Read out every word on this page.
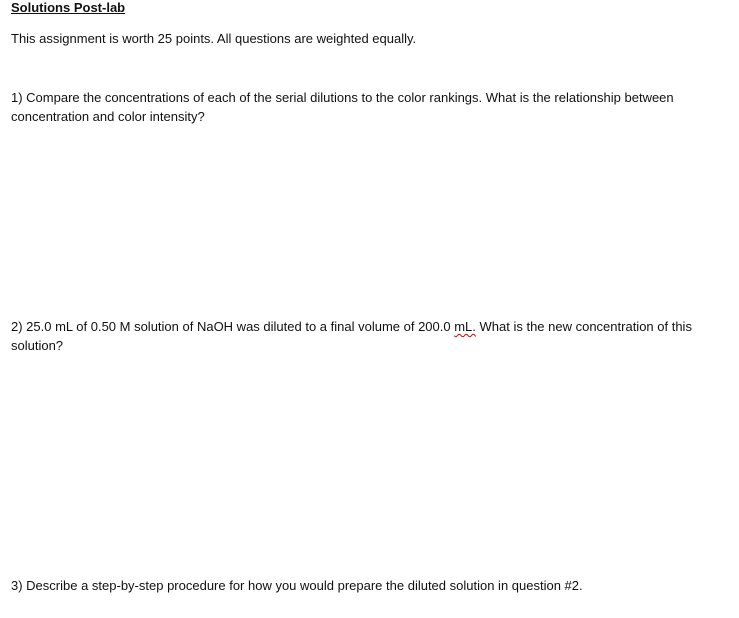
Solutions Post-lab
This assignment is worth 25 points. All questions are weighted equally.
1) Compare the concentrations of each of the serial dilutions to the color rankings. What is the relationship between concentration and color intensity?
2) 25.0 mL of 0.50 M solution of NaOH was diluted to a final volume of 200.0 mL. What is the new concentration of this solution?
3) Describe a step-by-step procedure for how you would prepare the diluted solution in question #2.
